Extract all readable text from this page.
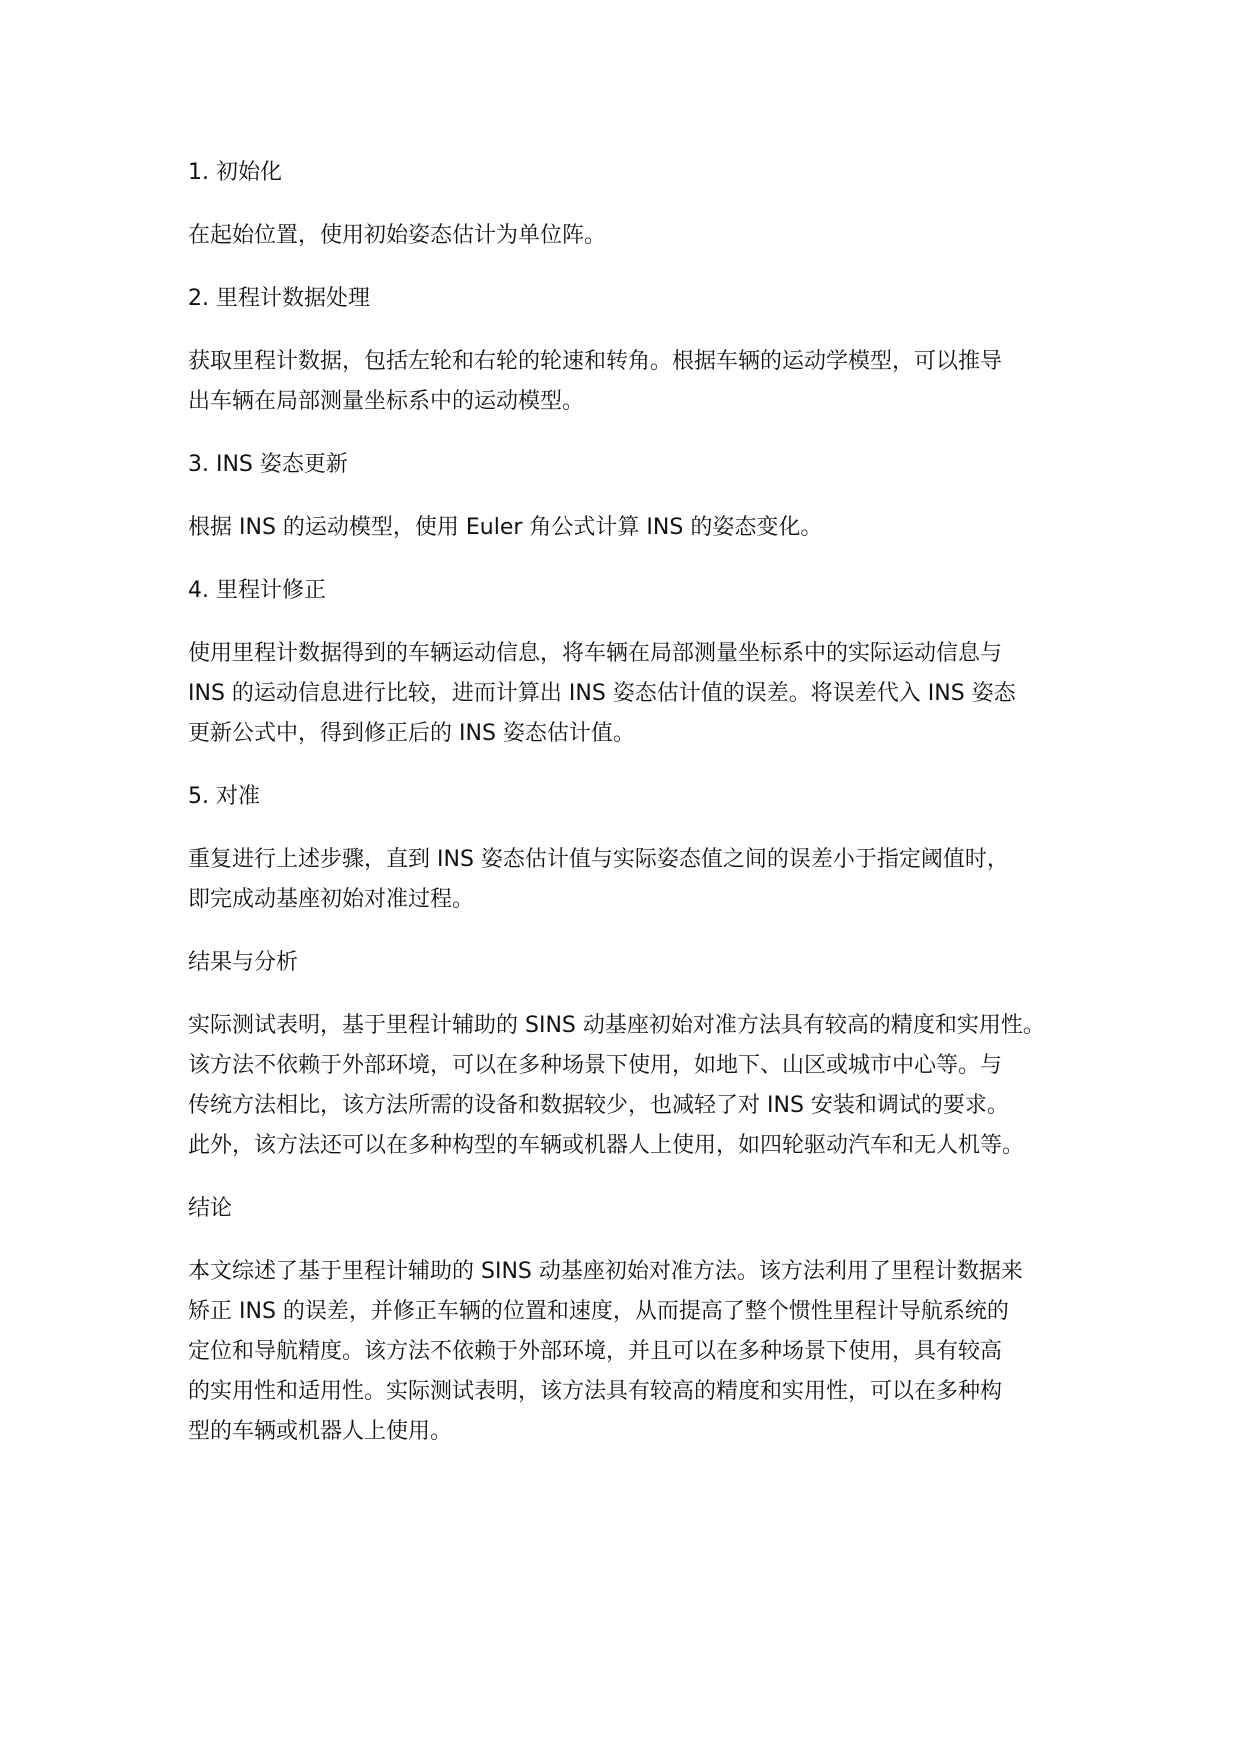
1. 初始化

在起始位置，使用初始姿态估计为单位阵。

2. 里程计数据处理

获取里程计数据，包括左轮和右轮的轮速和转角。根据车辆的运动学模型，可以推导
出车辆在局部测量坐标系中的运动模型。

3. INS 姿态更新

根据 INS 的运动模型，使用 Euler 角公式计算 INS 的姿态变化。

4. 里程计修正

使用里程计数据得到的车辆运动信息，将车辆在局部测量坐标系中的实际运动信息与
INS 的运动信息进行比较，进而计算出 INS 姿态估计值的误差。将误差代入 INS 姿态
更新公式中，得到修正后的 INS 姿态估计值。

5. 对准

重复进行上述步骤，直到 INS 姿态估计值与实际姿态值之间的误差小于指定阈值时，
即完成动基座初始对准过程。

结果与分析

实际测试表明，基于里程计辅助的 SINS 动基座初始对准方法具有较高的精度和实用性。
该方法不依赖于外部环境，可以在多种场景下使用，如地下、山区或城市中心等。与
传统方法相比，该方法所需的设备和数据较少，也减轻了对 INS 安装和调试的要求。
此外，该方法还可以在多种构型的车辆或机器人上使用，如四轮驱动汽车和无人机等。

结论

本文综述了基于里程计辅助的 SINS 动基座初始对准方法。该方法利用了里程计数据来
矫正 INS 的误差，并修正车辆的位置和速度，从而提高了整个惯性里程计导航系统的
定位和导航精度。该方法不依赖于外部环境，并且可以在多种场景下使用，具有较高
的实用性和适用性。实际测试表明，该方法具有较高的精度和实用性，可以在多种构
型的车辆或机器人上使用。
